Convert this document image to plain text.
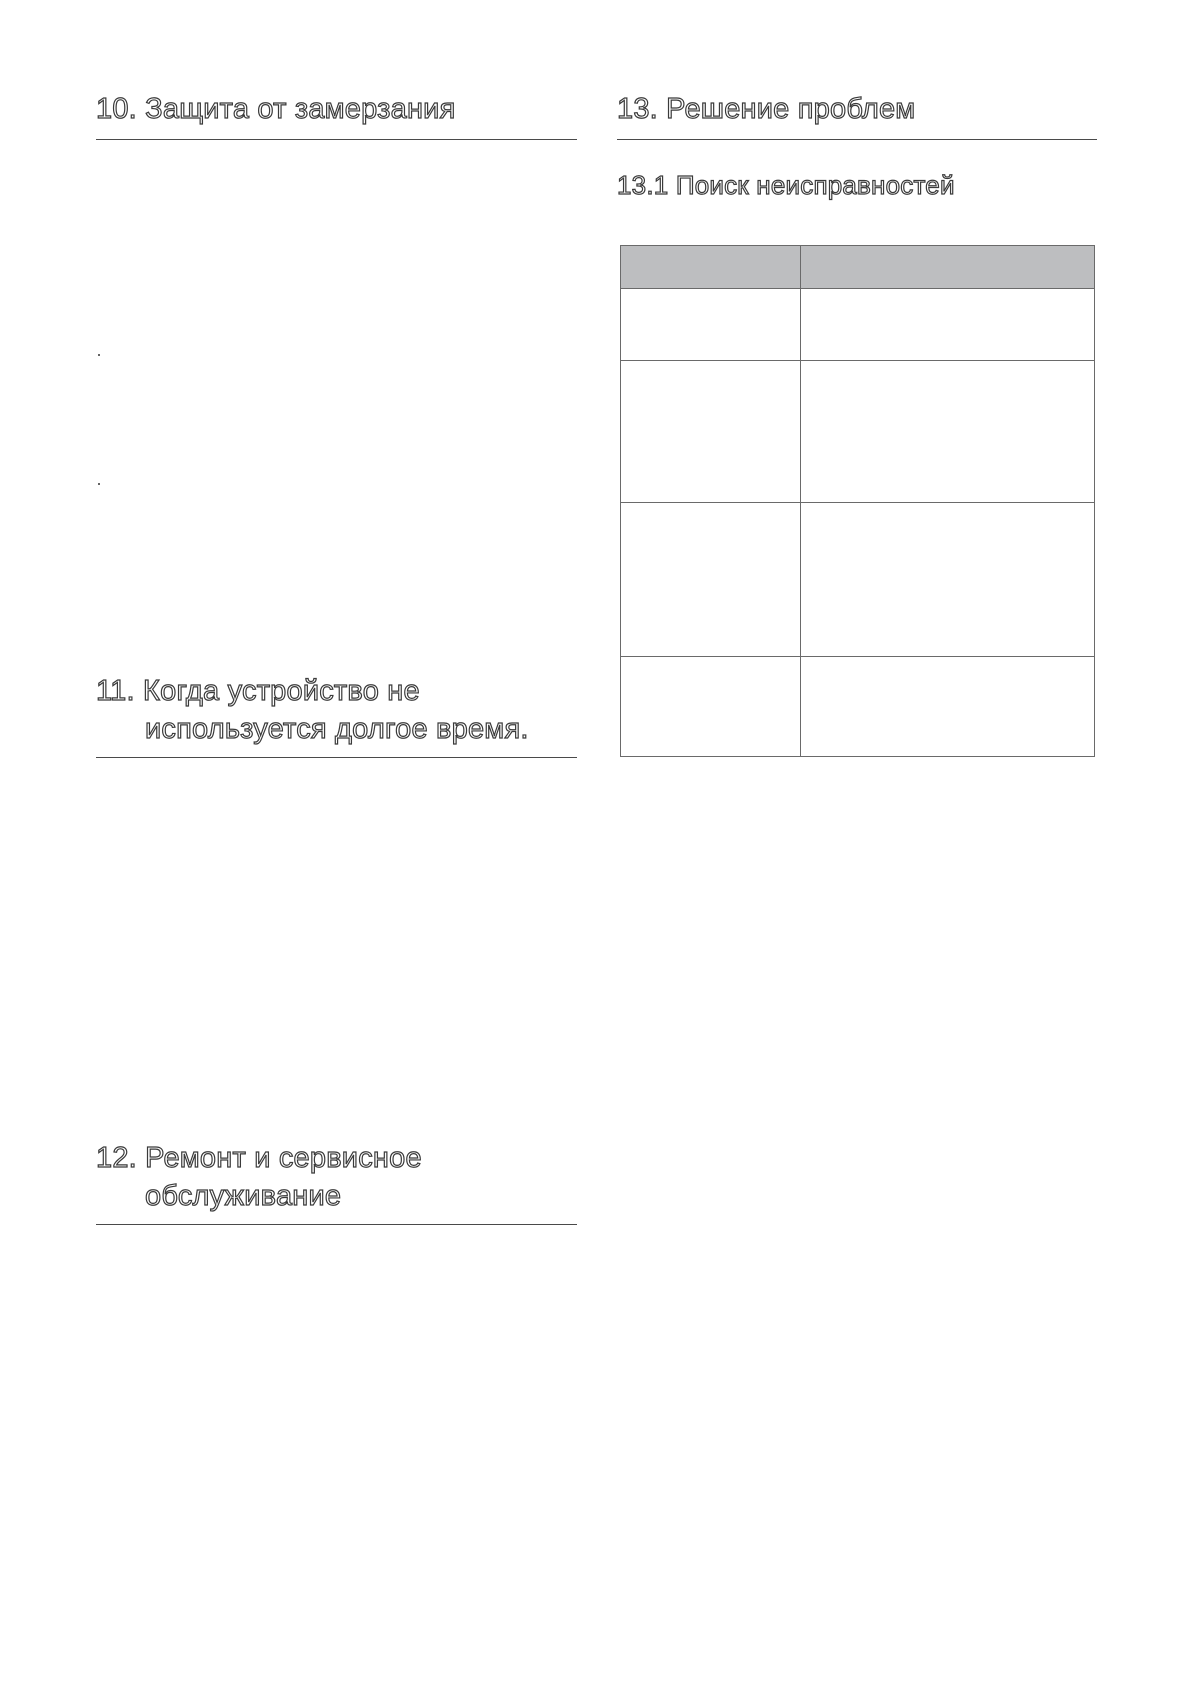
10. Защита от замерзания
11. Когда устройство не
используется долгое время.
12. Ремонт и сервисное
обслуживание
13. Решение проблем
13.1 Поиск неисправностей
